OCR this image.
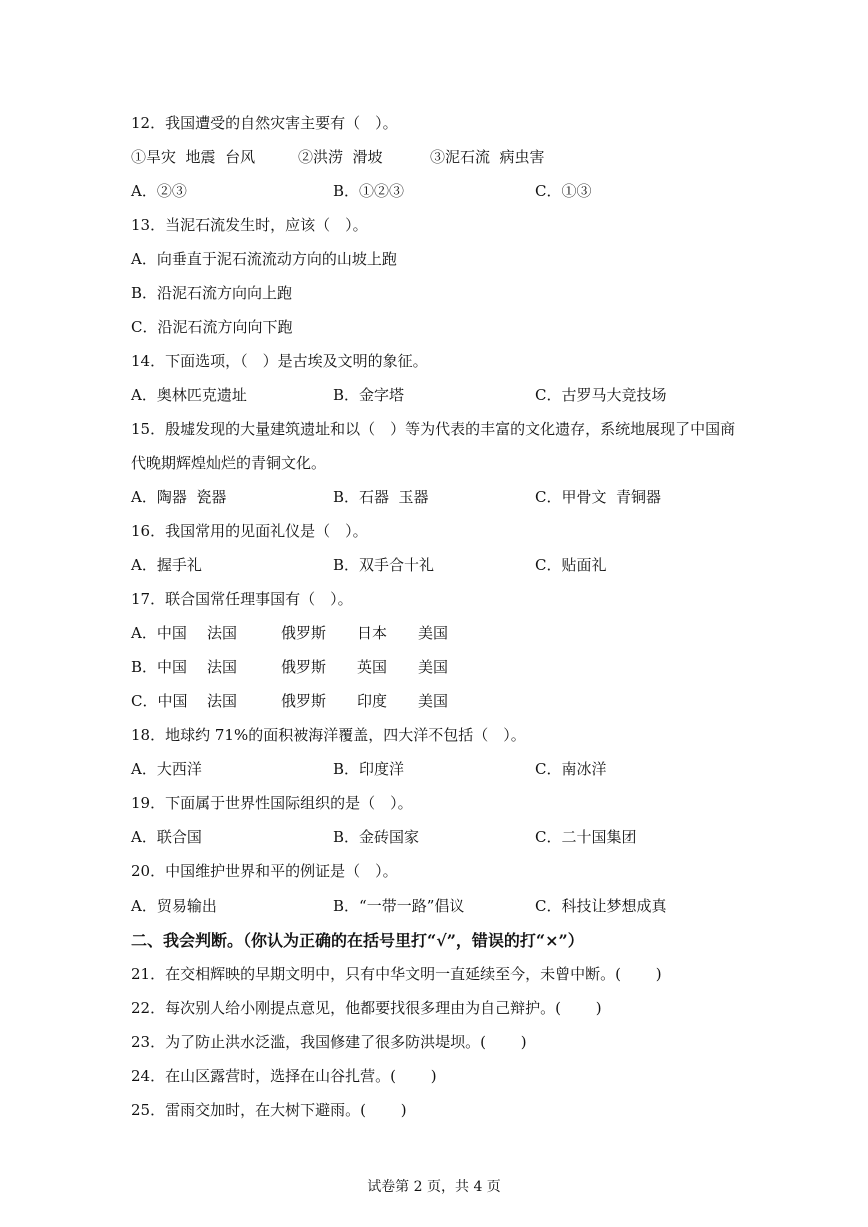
12．我国遭受的自然灾害主要有（　）。
①旱灾  地震  台风	②洪涝  滑坡	③泥石流  病虫害
A．②③	B．①②③	C．①③
13．当泥石流发生时，应该（　）。
A．向垂直于泥石流流动方向的山坡上跑
B．沿泥石流方向向上跑
C．沿泥石流方向向下跑
14．下面选项，（　）是古埃及文明的象征。
A．奥林匹克遗址	B．金字塔	C．古罗马大竞技场
15．殷墟发现的大量建筑遗址和以（　）等为代表的丰富的文化遗存，系统地展现了中国商
代晚期辉煌灿烂的青铜文化。
A．陶器  瓷器	B．石器  玉器	C．甲骨文  青铜器
16．我国常用的见面礼仪是（　）。
A．握手礼	B．双手合十礼	C．贴面礼
17．联合国常任理事国有（　）。
A．中国 法国	俄罗斯 日本 美国
B．中国 法国	俄罗斯 英国 美国
C．中国 法国	俄罗斯 印度 美国
18．地球约 71%的面积被海洋覆盖，四大洋不包括（　）。
A．大西洋	B．印度洋	C．南冰洋
19．下面属于世界性国际组织的是（　）。
A．联合国	B．金砖国家	C．二十国集团
20．中国维护世界和平的例证是（　）。
A．贸易输出	B．“一带一路”倡议	C．科技让梦想成真
二、我会判断。（你认为正确的在括号里打“√”，错误的打“×”）
21．在交相辉映的早期文明中，只有中华文明一直延续至今，未曾中断。(　　 )
22．每次别人给小刚提点意见，他都要找很多理由为自己辩护。(　　 )
23．为了防止洪水泛滥，我国修建了很多防洪堤坝。(　　 )
24．在山区露营时，选择在山谷扎营。(　　 )
25．雷雨交加时，在大树下避雨。(　　 )
试卷第 2 页，共 4 页
